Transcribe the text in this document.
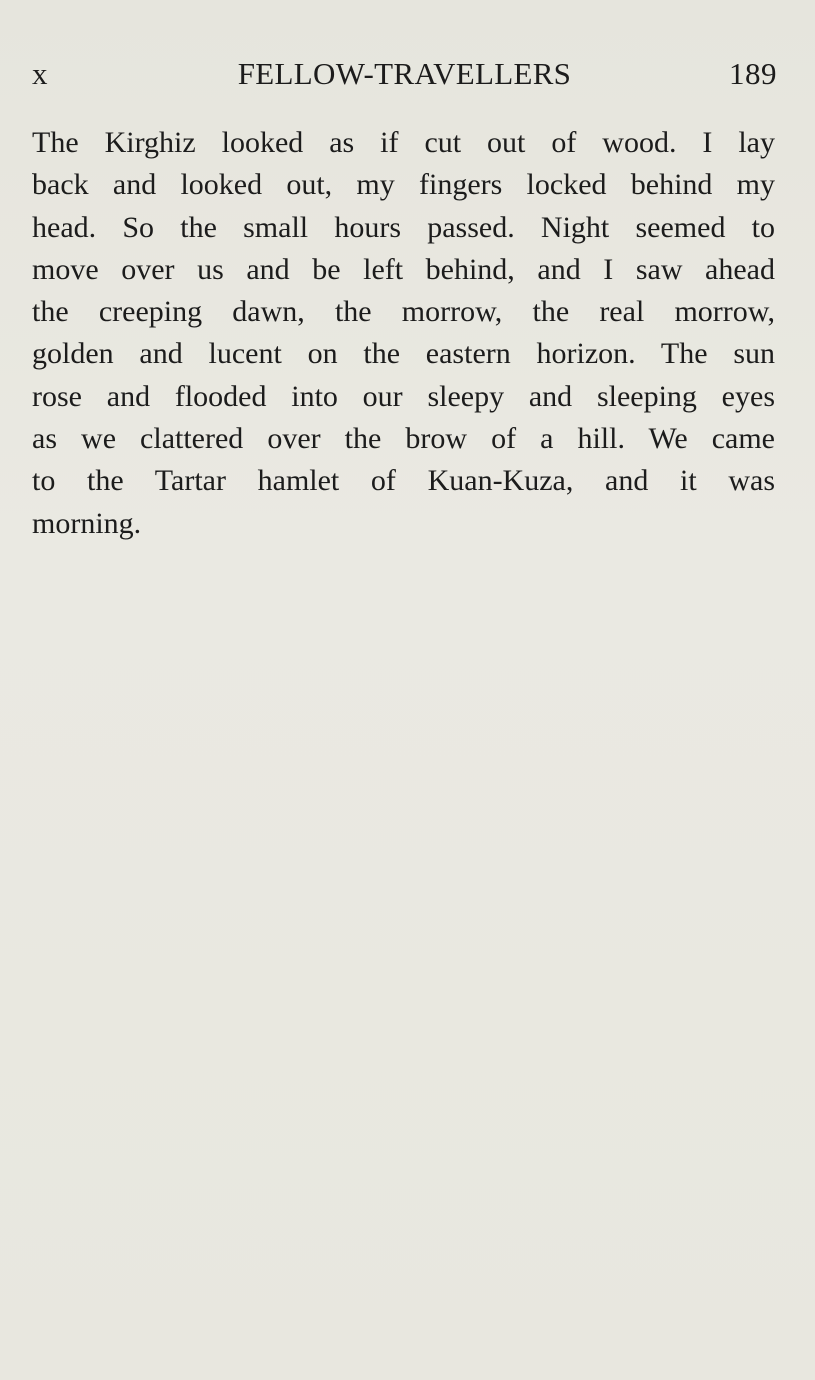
x	FELLOW-TRAVELLERS	189

The Kirghiz looked as if cut out of wood. I lay
back and looked out, my fingers locked behind my
head. So the small hours passed. Night seemed to
move over us and be left behind, and I saw ahead
the creeping dawn, the morrow, the real morrow,
golden and lucent on the eastern horizon. The sun
rose and flooded into our sleepy and sleeping eyes
as we clattered over the brow of a hill. We came
to the Tartar hamlet of Kuan-Kuza, and it was
morning.
